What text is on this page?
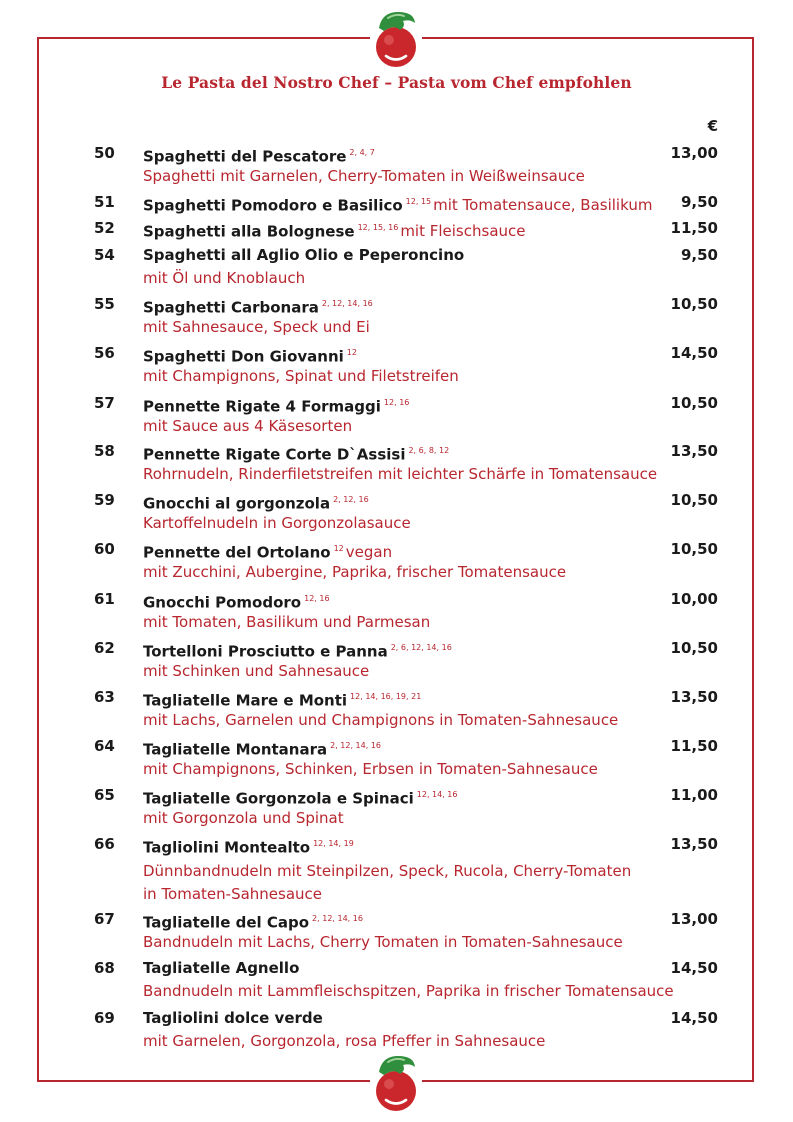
Le Pasta del Nostro Chef – Pasta vom Chef empfohlen
€
50 Spaghetti del Pescatore $^{2, 4, 7}$	13,00
Spaghetti mit Garnelen, Cherry-Tomaten in Weißweinsauce
51 Spaghetti Pomodoro e Basilico $^{12, 15}$ mit Tomatensauce, Basilikum	9,50
52 Spaghetti alla Bolognese $^{12, 15, 16}$ mit Fleischsauce	11,50
54 Spaghetti all Aglio Olio e Peperoncino	9,50
mit Öl und Knoblauch
55 Spaghetti Carbonara $^{2, 12, 14, 16}$	10,50
mit Sahnesauce, Speck und Ei
56 Spaghetti Don Giovanni $^{12}$	14,50
mit Champignons, Spinat und Filetstreifen
57 Pennette Rigate 4 Formaggi $^{12, 16}$	10,50
mit Sauce aus 4 Käsesorten
58 Pennette Rigate Corte D`Assisi $^{2, 6, 8, 12}$	13,50
Rohrnudeln, Rinderfiletstreifen mit leichter Schärfe in Tomatensauce
59 Gnocchi al gorgonzola $^{2, 12, 16}$	10,50
Kartoffelnudeln in Gorgonzolasauce
60 Pennette del Ortolano $^{12}$ vegan	10,50
mit Zucchini, Aubergine, Paprika, frischer Tomatensauce
61 Gnocchi Pomodoro $^{12, 16}$	10,00
mit Tomaten, Basilikum und Parmesan
62 Tortelloni Prosciutto e Panna $^{2, 6, 12, 14, 16}$	10,50
mit Schinken und Sahnesauce
63 Tagliatelle Mare e Monti $^{12, 14, 16, 19, 21}$	13,50
mit Lachs, Garnelen und Champignons in Tomaten-Sahnesauce
64 Tagliatelle Montanara $^{2, 12, 14, 16}$	11,50
mit Champignons, Schinken, Erbsen in Tomaten-Sahnesauce
65 Tagliatelle Gorgonzola e Spinaci $^{12, 14, 16}$	11,00
mit Gorgonzola und Spinat
66 Tagliolini Montealto $^{12, 14, 19}$	13,50
Dünnbandnudeln mit Steinpilzen, Speck, Rucola, Cherry-Tomaten
in Tomaten-Sahnesauce
67 Tagliatelle del Capo $^{2, 12, 14, 16}$	13,00
Bandnudeln mit Lachs, Cherry Tomaten in Tomaten-Sahnesauce
68 Tagliatelle Agnello	14,50
Bandnudeln mit Lammfleischspitzen, Paprika in frischer Tomatensauce
69 Tagliolini dolce verde	14,50
mit Garnelen, Gorgonzola, rosa Pfeffer in Sahnesauce
